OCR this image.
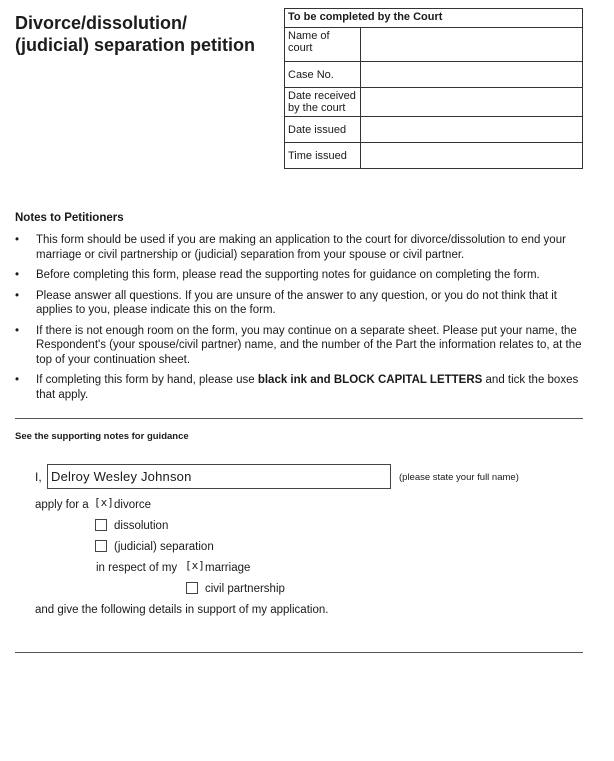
Divorce/dissolution/
(judicial) separation petition
To be completed by the Court	
Name of court	
Case No.	
Date received by the court	
Date issued	
Time issued	
Notes to Petitioners
• This form should be used if you are making an application to the court for divorce/dissolution to end your marriage or civil partnership or (judicial) separation from your spouse or civil partner.
• Before completing this form, please read the supporting notes for guidance on completing the form.
• Please answer all questions. If you are unsure of the answer to any question, or you do not think that it applies to you, please indicate this on the form.
• If there is not enough room on the form, you may continue on a separate sheet. Please put your name, the Respondent's (your spouse/civil partner) name, and the number of the Part the information relates to, at the top of your continuation sheet.
• If completing this form by hand, please use black ink and BLOCK CAPITAL LETTERS and tick the boxes that apply.
See the supporting notes for guidance
I, Delroy Wesley Johnson	(please state your full name)
apply for a [x] divorce
dissolution
(judicial) separation
in respect of my [x] marriage
civil partnership
and give the following details in support of my application.
